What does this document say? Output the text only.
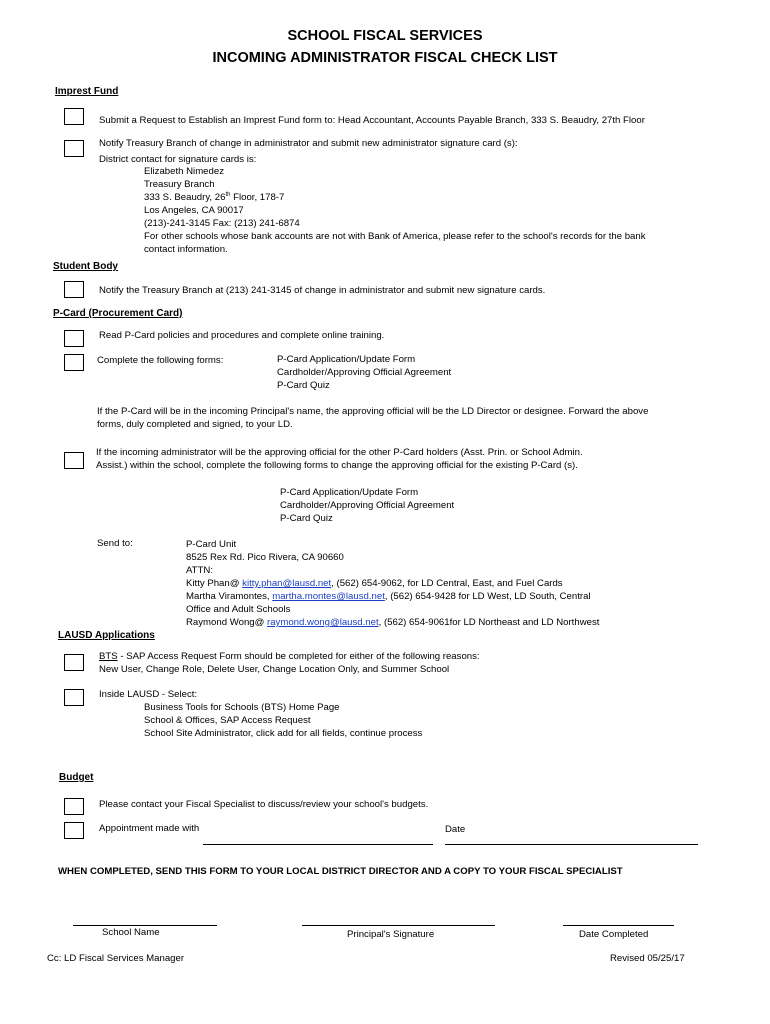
SCHOOL FISCAL SERVICES
INCOMING ADMINISTRATOR FISCAL CHECK LIST
Imprest Fund
Submit a Request to Establish an Imprest Fund form to: Head Accountant, Accounts Payable Branch, 333 S. Beaudry, 27th Floor
Notify Treasury Branch of change in administrator and submit new administrator signature card (s):
District contact for signature cards is:
Elizabeth Nimedez
Treasury Branch
333 S. Beaudry, 26th Floor, 178-7
Los Angeles, CA 90017
(213)-241-3145 Fax: (213) 241-6874
For other schools whose bank accounts are not with Bank of America, please refer to the school's records for the bank
contact information.
Student Body
Notify the Treasury Branch at (213) 241-3145 of change in administrator and submit new signature cards.
P-Card (Procurement Card)
Read P-Card policies and procedures and complete online training.
Complete the following forms:	P-Card Application/Update Form
Cardholder/Approving Official Agreement
P-Card Quiz
If the P-Card will be in the incoming Principal's name, the approving official will be the LD Director or designee. Forward the above
forms, duly completed and signed, to your LD.
If the incoming administrator will be the approving official for the other P-Card holders (Asst. Prin. or School Admin.
Assist.) within the school, complete the following forms to change the approving official for the existing P-Card (s).
P-Card Application/Update Form
Cardholder/Approving Official Agreement
P-Card Quiz
Send to:	P-Card Unit
8525 Rex Rd. Pico Rivera, CA 90660
ATTN:
Kitty Phan@ kitty.phan@lausd.net, (562) 654-9062, for LD Central, East, and Fuel Cards
Martha Viramontes, martha.montes@lausd.net, (562) 654-9428 for LD West, LD South, Central
Office and Adult Schools
Raymond Wong@ raymond.wong@lausd.net, (562) 654-9061for LD Northeast and LD Northwest
LAUSD Applications
BTS - SAP Access Request Form should be completed for either of the following reasons:
New User, Change Role, Delete User, Change Location Only, and Summer School
Inside LAUSD - Select:
Business Tools for Schools (BTS) Home Page
School & Offices, SAP Access Request
School Site Administrator, click add for all fields, continue process
Budget
Please contact your Fiscal Specialist to discuss/review your school's budgets.
Appointment made with	Date
WHEN COMPLETED, SEND THIS FORM TO YOUR LOCAL DISTRICT DIRECTOR AND A COPY TO YOUR FISCAL SPECIALIST
School Name	Principal's Signature	Date Completed
Cc: LD Fiscal Services Manager	Revised 05/25/17
